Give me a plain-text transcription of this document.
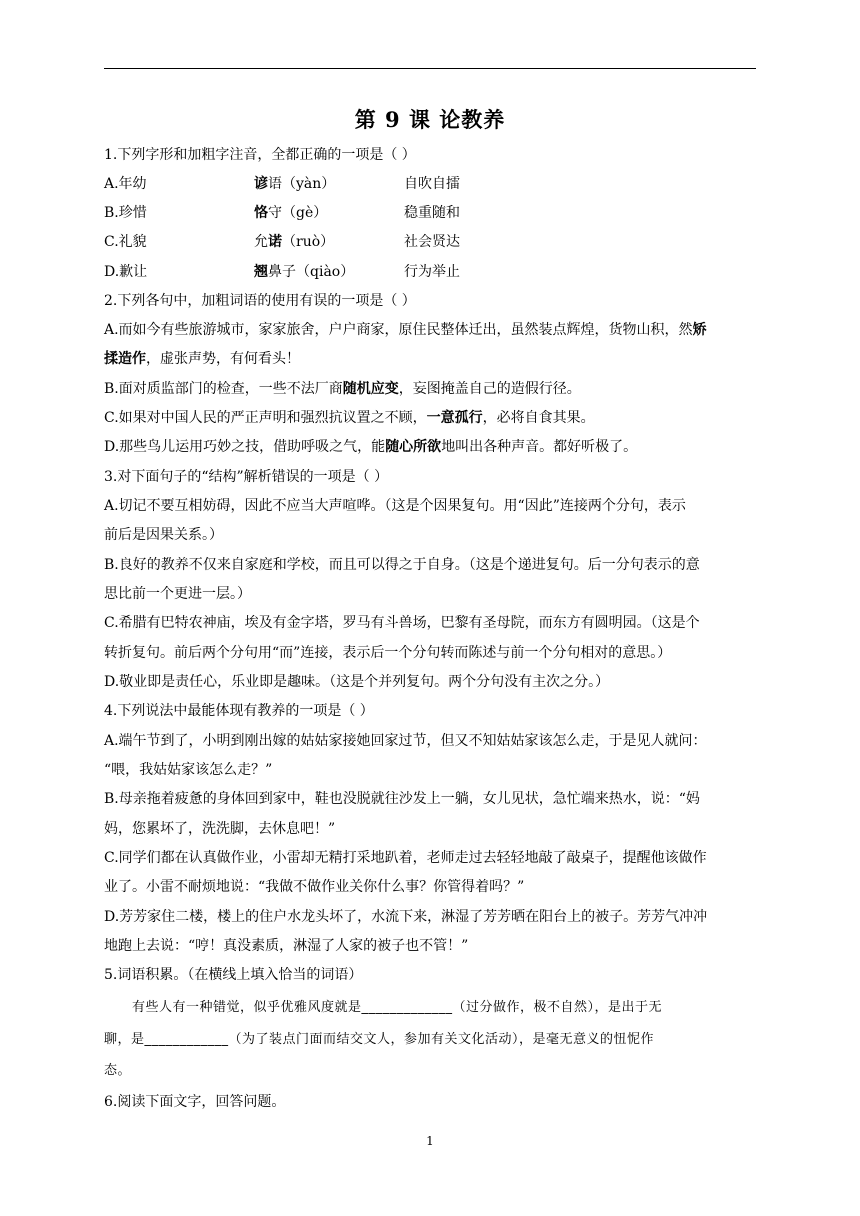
第 9 课 论教养
1.下列字形和加粗字注音，全都正确的一项是（ ）
A.年幼	谚语（yàn）	自吹自擂
B.珍惜	恪守（gè）	稳重随和
C.礼貌	允诺（ruò）	社会贤达
D.歉让	翘鼻子（qiào）	行为举止
2.下列各句中，加粗词语的使用有误的一项是（ ）
A.而如今有些旅游城市，家家旅舍，户户商家，原住民整体迁出，虽然装点辉煌，货物山积，然矫
揉造作，虚张声势，有何看头！
B.面对质监部门的检查，一些不法厂商随机应变，妄图掩盖自己的造假行径。
C.如果对中国人民的严正声明和强烈抗议置之不顾，一意孤行，必将自食其果。
D.那些鸟儿运用巧妙之技，借助呼吸之气，能随心所欲地叫出各种声音。都好听极了。
3.对下面句子的“结构”解析错误的一项是（ ）
A.切记不要互相妨碍，因此不应当大声喧哗。（这是个因果复句。用“因此”连接两个分句，表示
前后是因果关系。）
B.良好的教养不仅来自家庭和学校，而且可以得之于自身。（这是个递进复句。后一分句表示的意
思比前一个更进一层。）
C.希腊有巴特农神庙，埃及有金字塔，罗马有斗兽场，巴黎有圣母院，而东方有圆明园。（这是个
转折复句。前后两个分句用“而”连接，表示后一个分句转而陈述与前一个分句相对的意思。）
D.敬业即是责任心，乐业即是趣味。（这是个并列复句。两个分句没有主次之分。）
4.下列说法中最能体现有教养的一项是（ ）
A.端午节到了，小明到刚出嫁的姑姑家接她回家过节，但又不知姑姑家该怎么走，于是见人就问：
“喂，我姑姑家该怎么走？”
B.母亲拖着疲惫的身体回到家中，鞋也没脱就往沙发上一躺，女儿见状，急忙端来热水，说：“妈
妈，您累坏了，洗洗脚，去休息吧！”
C.同学们都在认真做作业，小雷却无精打采地趴着，老师走过去轻轻地敲了敲桌子，提醒他该做作
业了。小雷不耐烦地说：“我做不做作业关你什么事？你管得着吗？”
D.芳芳家住二楼，楼上的住户水龙头坏了，水流下来，淋湿了芳芳晒在阳台上的被子。芳芳气冲冲
地跑上去说：“哼！真没素质，淋湿了人家的被子也不管！”
5.词语积累。（在横线上填入恰当的词语）
有些人有一种错觉，似乎优雅风度就是_____________（过分做作，极不自然），是出于无
聊，是____________（为了装点门面而结交文人，参加有关文化活动），是毫无意义的忸怩作
态。
6.阅读下面文字，回答问题。
1
